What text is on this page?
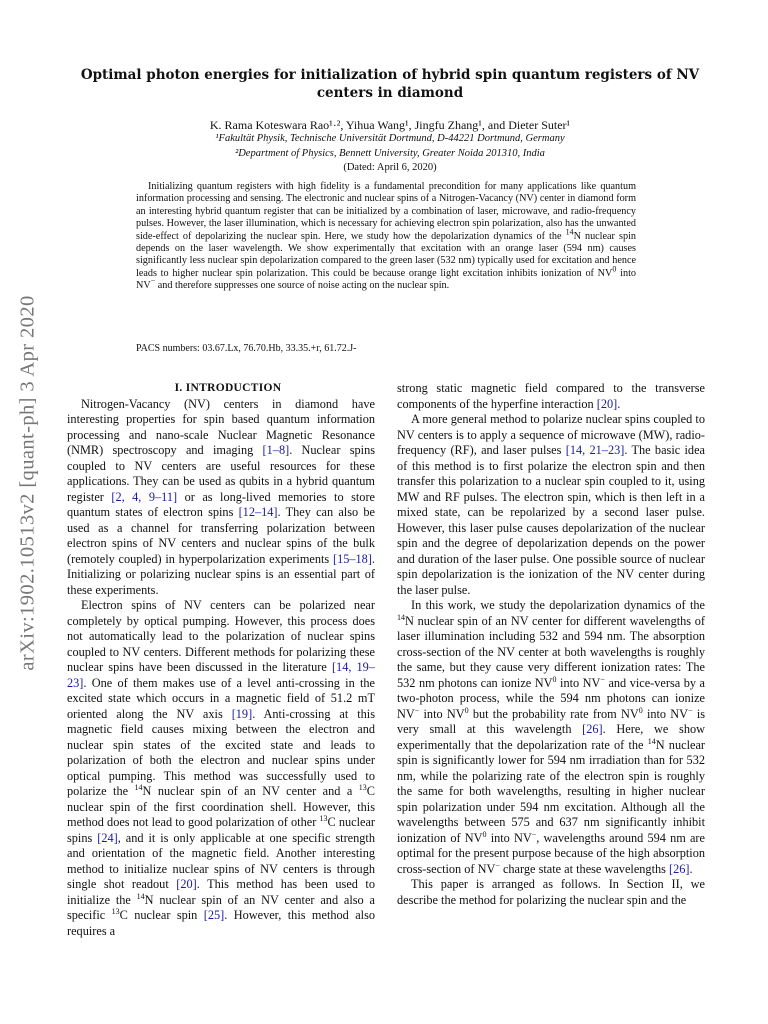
arXiv:1902.10513v2 [quant-ph] 3 Apr 2020
Optimal photon energies for initialization of hybrid spin quantum registers of NV
centers in diamond
K. Rama Koteswara Rao¹·², Yihua Wang¹, Jingfu Zhang¹, and Dieter Suter¹
¹Fakultät Physik, Technische Universität Dortmund, D-44221 Dortmund, Germany
²Department of Physics, Bennett University, Greater Noida 201310, India
(Dated: April 6, 2020)

Initializing quantum registers with high fidelity is a fundamental precondition for many applications like quantum information processing and sensing. The electronic and nuclear spins of a Nitrogen-Vacancy (NV) center in diamond form an interesting hybrid quantum register that can be initialized by a combination of laser, microwave, and radio-frequency pulses. However, the laser illumination, which is necessary for achieving electron spin polarization, also has the unwanted side-effect of depolarizing the nuclear spin. Here, we study how the depolarization dynamics of the $^{14}$N nuclear spin depends on the laser wavelength. We show experimentally that excitation with an orange laser (594 nm) causes significantly less nuclear spin depolarization compared to the green laser (532 nm) typically used for excitation and hence leads to higher nuclear spin polarization. This could be because orange light excitation inhibits ionization of $NV^0$ into NV− and therefore suppresses one source of noise acting on the nuclear spin.

PACS numbers: 03.67.Lx, 76.70.Hb, 33.35.+r, 61.72.J-

I. INTRODUCTION

Nitrogen-Vacancy (NV) centers in diamond have interesting properties for spin based quantum information processing and nano-scale Nuclear Magnetic Resonance (NMR) spectroscopy and imaging [1–8]. Nuclear spins coupled to NV centers are useful resources for these applications. They can be used as qubits in a hybrid quantum register [2, 4, 9–11] or as long-lived memories to store quantum states of electron spins [12–14]. They can also be used as a channel for transferring polarization between electron spins of NV centers and nuclear spins of the bulk (remotely coupled) in hyperpolarization experiments [15–18]. Initializing or polarizing nuclear spins is an essential part of these experiments.

Electron spins of NV centers can be polarized near completely by optical pumping. However, this process does not automatically lead to the polarization of nuclear spins coupled to NV centers. Different methods for polarizing these nuclear spins have been discussed in the literature [14, 19–23]. One of them makes use of a level anti-crossing in the excited state which occurs in a magnetic field of 51.2 mT oriented along the NV axis [19]. Anti-crossing at this magnetic field causes mixing between the electron and nuclear spin states of the excited state and leads to polarization of both the electron and nuclear spins under optical pumping. This method was successfully used to polarize the $^{14}$N nuclear spin of an NV center and a $^{13}$C nuclear spin of the first coordination shell. However, this method does not lead to good polarization of other $^{13}$C nuclear spins [24], and it is only applicable at one specific strength and orientation of the magnetic field. Another interesting method to initialize nuclear spins of NV centers is through single shot readout [20]. This method has been used to initialize the $^{14}$N nuclear spin of an NV center and also a specific $^{13}$C nuclear spin [25]. However, this method also requires a

strong static magnetic field compared to the transverse components of the hyperfine interaction [20].

A more general method to polarize nuclear spins coupled to NV centers is to apply a sequence of microwave (MW), radio-frequency (RF), and laser pulses [14, 21–23]. The basic idea of this method is to first polarize the electron spin and then transfer this polarization to a nuclear spin coupled to it, using MW and RF pulses. The electron spin, which is then left in a mixed state, can be repolarized by a second laser pulse. However, this laser pulse causes depolarization of the nuclear spin and the degree of depolarization depends on the power and duration of the laser pulse. One possible source of nuclear spin depolarization is the ionization of the NV center during the laser pulse.

In this work, we study the depolarization dynamics of the $^{14}$N nuclear spin of an NV center for different wavelengths of laser illumination including 532 and 594 nm. The absorption cross-section of the NV center at both wavelengths is roughly the same, but they cause very different ionization rates: The 532 nm photons can ionize $NV^0$ into NV− and vice-versa by a two-photon process, while the 594 nm photons can ionize NV− into $NV^0$ but the probability rate from $NV^0$ into NV− is very small at this wavelength [26]. Here, we show experimentally that the depolarization rate of the $^{14}$N nuclear spin is significantly lower for 594 nm irradiation than for 532 nm, while the polarizing rate of the electron spin is roughly the same for both wavelengths, resulting in higher nuclear spin polarization under 594 nm excitation. Although all the wavelengths between 575 and 637 nm significantly inhibit ionization of $NV^0$ into NV−, wavelengths around 594 nm are optimal for the present purpose because of the high absorption cross-section of NV− charge state at these wavelengths [26].

This paper is arranged as follows. In Section II, we describe the method for polarizing the nuclear spin and the
